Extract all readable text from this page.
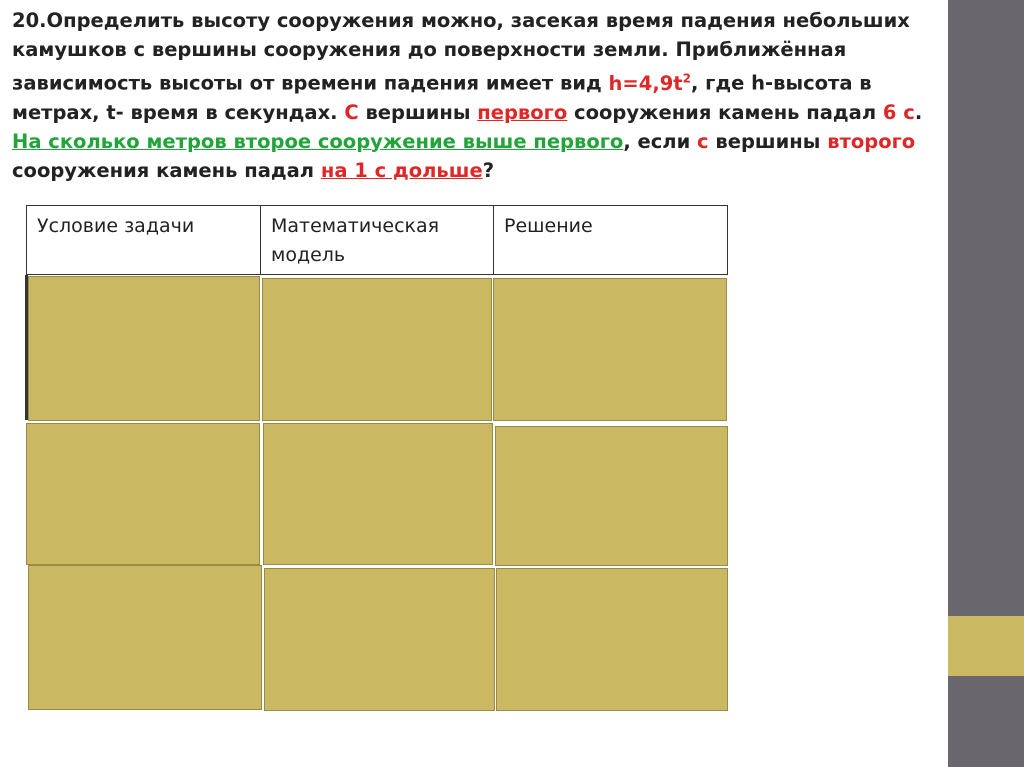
20.Определить высоту сооружения можно, засекая время падения небольших камушков с вершины сооружения до поверхности земли. Приближённая зависимость высоты от времени падения имеет вид $h=4,9t^2$, где h-высота в метрах, t- время в секундах. С вершины первого сооружения камень падал 6 с. На сколько метров второе сооружение выше первого, если с вершины второго сооружения камень падал на 1 с дольше?

Условие задачи	Математическая модель
Решение
